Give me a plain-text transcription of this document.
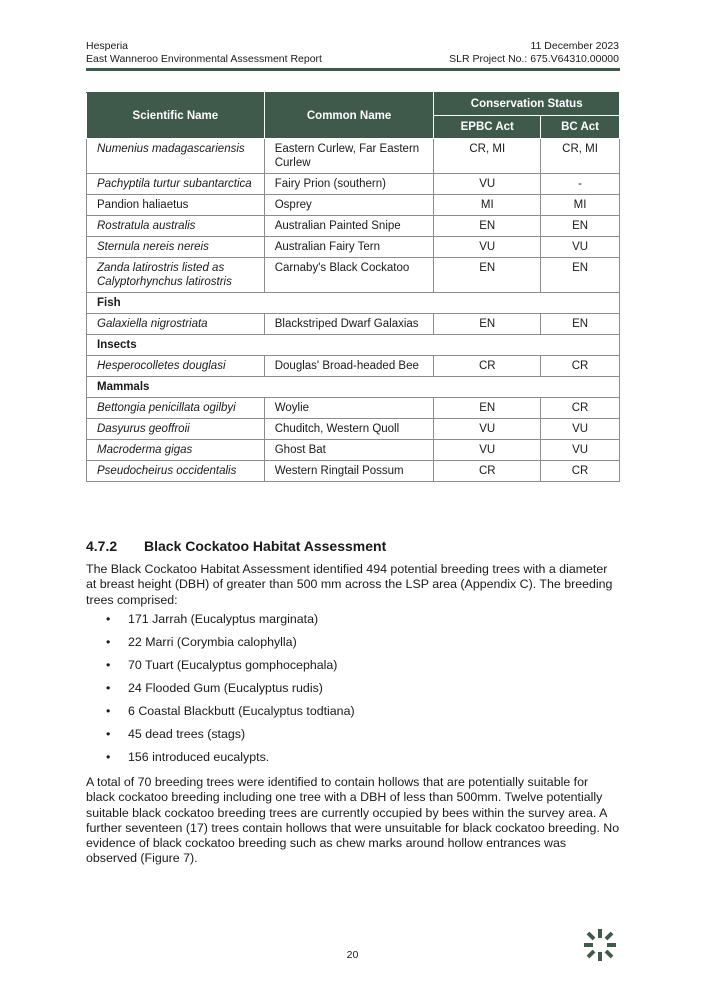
Hesperia
East Wanneroo Environmental Assessment Report
11 December 2023
SLR Project No.: 675.V64310.00000
Scientific Name	Common Name	Conservation Status	
		EPBC Act	BC Act
Numenius madagascariensis	Eastern Curlew, Far Eastern Curlew	CR, MI	CR, MI
Pachyptila turtur subantarctica	Fairy Prion (southern)	VU	-
Pandion haliaetus	Osprey	MI	MI
Rostratula australis	Australian Painted Snipe	EN	EN
Sternula nereis nereis	Australian Fairy Tern	VU	VU
Zanda latirostris listed as Calyptorhynchus latirostris	Carnaby's Black Cockatoo	EN	EN
Fish			
Galaxiella nigrostriata	Blackstriped Dwarf Galaxias	EN	EN
Insects			
Hesperocolletes douglasi	Douglas' Broad-headed Bee	CR	CR
Mammals			
Bettongia penicillata ogilbyi	Woylie	EN	CR
Dasyurus geoffroii	Chuditch, Western Quoll	VU	VU
Macroderma gigas	Ghost Bat	VU	VU
Pseudocheirus occidentalis	Western Ringtail Possum	CR	CR
4.7.2 Black Cockatoo Habitat Assessment

The Black Cockatoo Habitat Assessment identified 494 potential breeding trees with a diameter at breast height (DBH) of greater than 500 mm across the LSP area (Appendix C). The breeding trees comprised:

• 171 Jarrah (Eucalyptus marginata)
• 22 Marri (Corymbia calophylla)
• 70 Tuart (Eucalyptus gomphocephala)
• 24 Flooded Gum (Eucalyptus rudis)
• 6 Coastal Blackbutt (Eucalyptus todtiana)
• 45 dead trees (stags)
• 156 introduced eucalypts.

A total of 70 breeding trees were identified to contain hollows that are potentially suitable for black cockatoo breeding including one tree with a DBH of less than 500mm. Twelve potentially suitable black cockatoo breeding trees are currently occupied by bees within the survey area. A further seventeen (17) trees contain hollows that were unsuitable for black cockatoo breeding. No evidence of black cockatoo breeding such as chew marks around hollow entrances was observed (Figure 7).

20
